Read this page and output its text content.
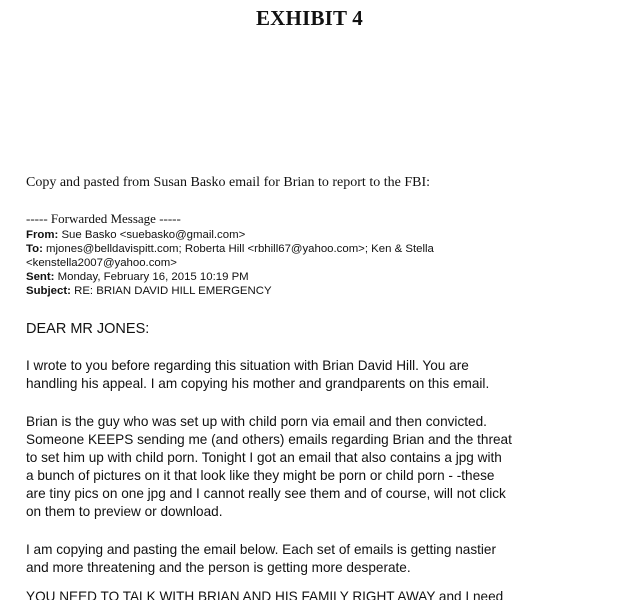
EXHIBIT 4
Copy and pasted from Susan Basko email for Brian to report to the FBI:
----- Forwarded Message -----
From: Sue Basko <suebasko@gmail.com>
To: mjones@belldavispitt.com; Roberta Hill <rbhill67@yahoo.com>; Ken & Stella
<kenstella2007@yahoo.com>
Sent: Monday, February 16, 2015 10:19 PM
Subject: RE: BRIAN DAVID HILL EMERGENCY
DEAR MR JONES:
I wrote to you before regarding this situation with Brian David Hill. You are
handling his appeal. I am copying his mother and grandparents on this email.
Brian is the guy who was set up with child porn via email and then convicted.
Someone KEEPS sending me (and others) emails regarding Brian and the threat
to set him up with child porn. Tonight I got an email that also contains a jpg with
a bunch of pictures on it that look like they might be porn or child porn - -these
are tiny pics on one jpg and I cannot really see them and of course, will not click
on them to preview or download.
I am copying and pasting the email below. Each set of emails is getting nastier
and more threatening and the person is getting more desperate.
YOU NEED TO TALK WITH BRIAN AND HIS FAMILY RIGHT AWAY and I need
